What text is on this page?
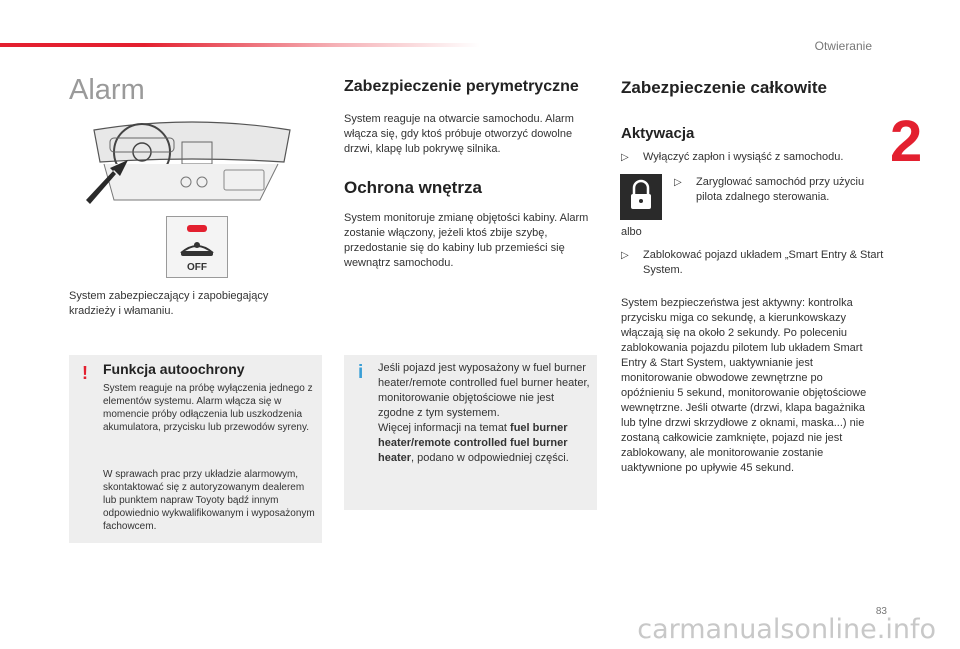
Otwieranie
2
Alarm
OFF
System zabezpieczający i zapobiegający kradzieży i włamaniu.
! Funkcja autoochrony
System reaguje na próbę wyłączenia jednego z elementów systemu. Alarm włącza się w momencie próby odłączenia lub uszkodzenia akumulatora, przycisku lub przewodów syreny.
W sprawach prac przy układzie alarmowym, skontaktować się z autoryzowanym dealerem lub punktem napraw Toyoty bądź innym odpowiednio wykwalifikowanym i wyposażonym fachowcem.
Zabezpieczenie perymetryczne
System reaguje na otwarcie samochodu. Alarm włącza się, gdy ktoś próbuje otworzyć dowolne drzwi, klapę lub pokrywę silnika.
Ochrona wnętrza
System monitoruje zmianę objętości kabiny. Alarm zostanie włączony, jeżeli ktoś zbije szybę, przedostanie się do kabiny lub przemieści się wewnątrz samochodu.
i Jeśli pojazd jest wyposażony w fuel burner heater/remote controlled fuel burner heater, monitorowanie objętościowe nie jest zgodne z tym systemem.
Więcej informacji na temat fuel burner heater/remote controlled fuel burner heater, podano w odpowiedniej części.
Zabezpieczenie całkowite
Aktywacja
▷ Wyłączyć zapłon i wysiąść z samochodu.
▷ Zaryglować samochód przy użyciu pilota zdalnego sterowania.
albo
▷ Zablokować pojazd układem „Smart Entry & Start System.
System bezpieczeństwa jest aktywny: kontrolka przycisku miga co sekundę, a kierunkowskazy włączają się na około 2 sekundy. Po poleceniu zablokowania pojazdu pilotem lub układem Smart Entry & Start System, uaktywnianie jest monitorowanie obwodowe zewnętrzne po opóźnieniu 5 sekund, monitorowanie objętościowe wewnętrzne. Jeśli otwarte (drzwi, klapa bagażnika lub tylne drzwi skrzydłowe z oknami, maska...) nie zostaną całkowicie zamknięte, pojazd nie jest zablokowany, ale monitorowanie zostanie uaktywnione po upływie 45 sekund.
83
carmanualsonline.info
